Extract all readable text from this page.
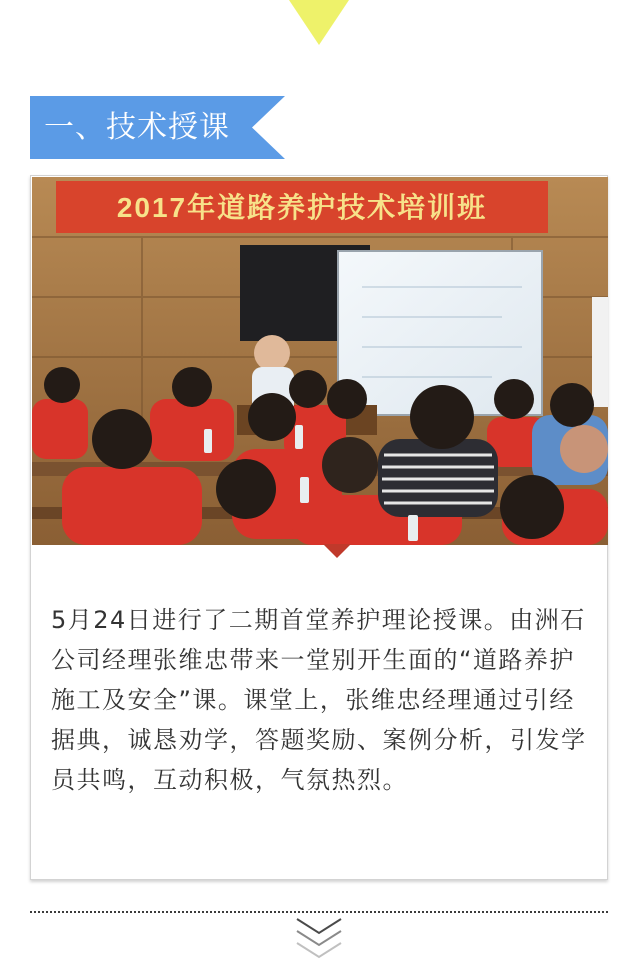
一、技术授课
2017年道路养护技术培训班

5月24日进行了二期首堂养护理论授课。由洲石公司经理张维忠带来一堂别开生面的“道路养护施工及安全”课。课堂上，张维忠经理通过引经据典，诚恳劝学，答题奖励、案例分析，引发学员共鸣，互动积极，气氛热烈。
